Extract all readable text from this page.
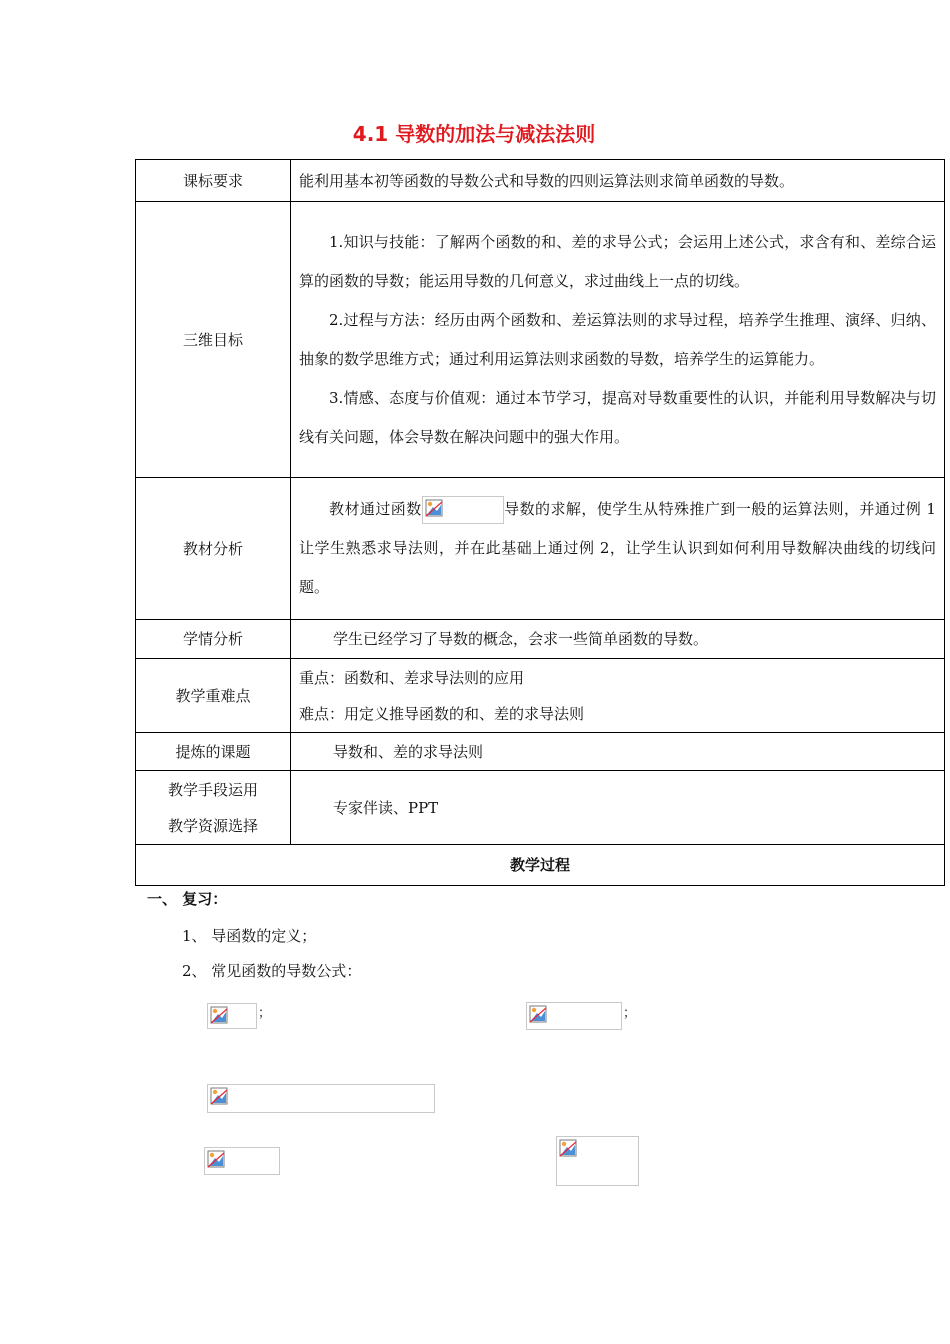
4.1 导数的加法与减法法则
课标要求	能利用基本初等函数的导数公式和导数的四则运算法则求简单函数的导数。

三维目标	1.知识与技能：了解两个函数的和、差的求导公式；会运用上述公式，求含有和、差综合运算的函数的导数；能运用导数的几何意义，求过曲线上一点的切线。
2.过程与方法：经历由两个函数和、差运算法则的求导过程，培养学生推理、演绎、归纳、抽象的数学思维方式；通过利用运算法则求函数的导数，培养学生的运算能力。
3.情感、态度与价值观：通过本节学习，提高对导数重要性的认识，并能利用导数解决与切线有关问题，体会导数在解决问题中的强大作用。

教材分析	教材通过函数 导数的求解，使学生从特殊推广到一般的运算法则，并通过例 1 让学生熟悉求导法则，并在此基础上通过例 2，让学生认识到如何利用导数解决曲线的切线问题。

学情分析	学生已经学习了导数的概念，会求一些简单函数的导数。

教学重难点	重点：函数和、差求导法则的应用
难点：用定义推导函数的和、差的求导法则

提炼的课题	导数和、差的求导法则

教学手段运用
教学资源选择	专家伴读、PPT

教学过程	
一、 复习：
1、 导函数的定义；
2、 常见函数的导数公式：
；	；
